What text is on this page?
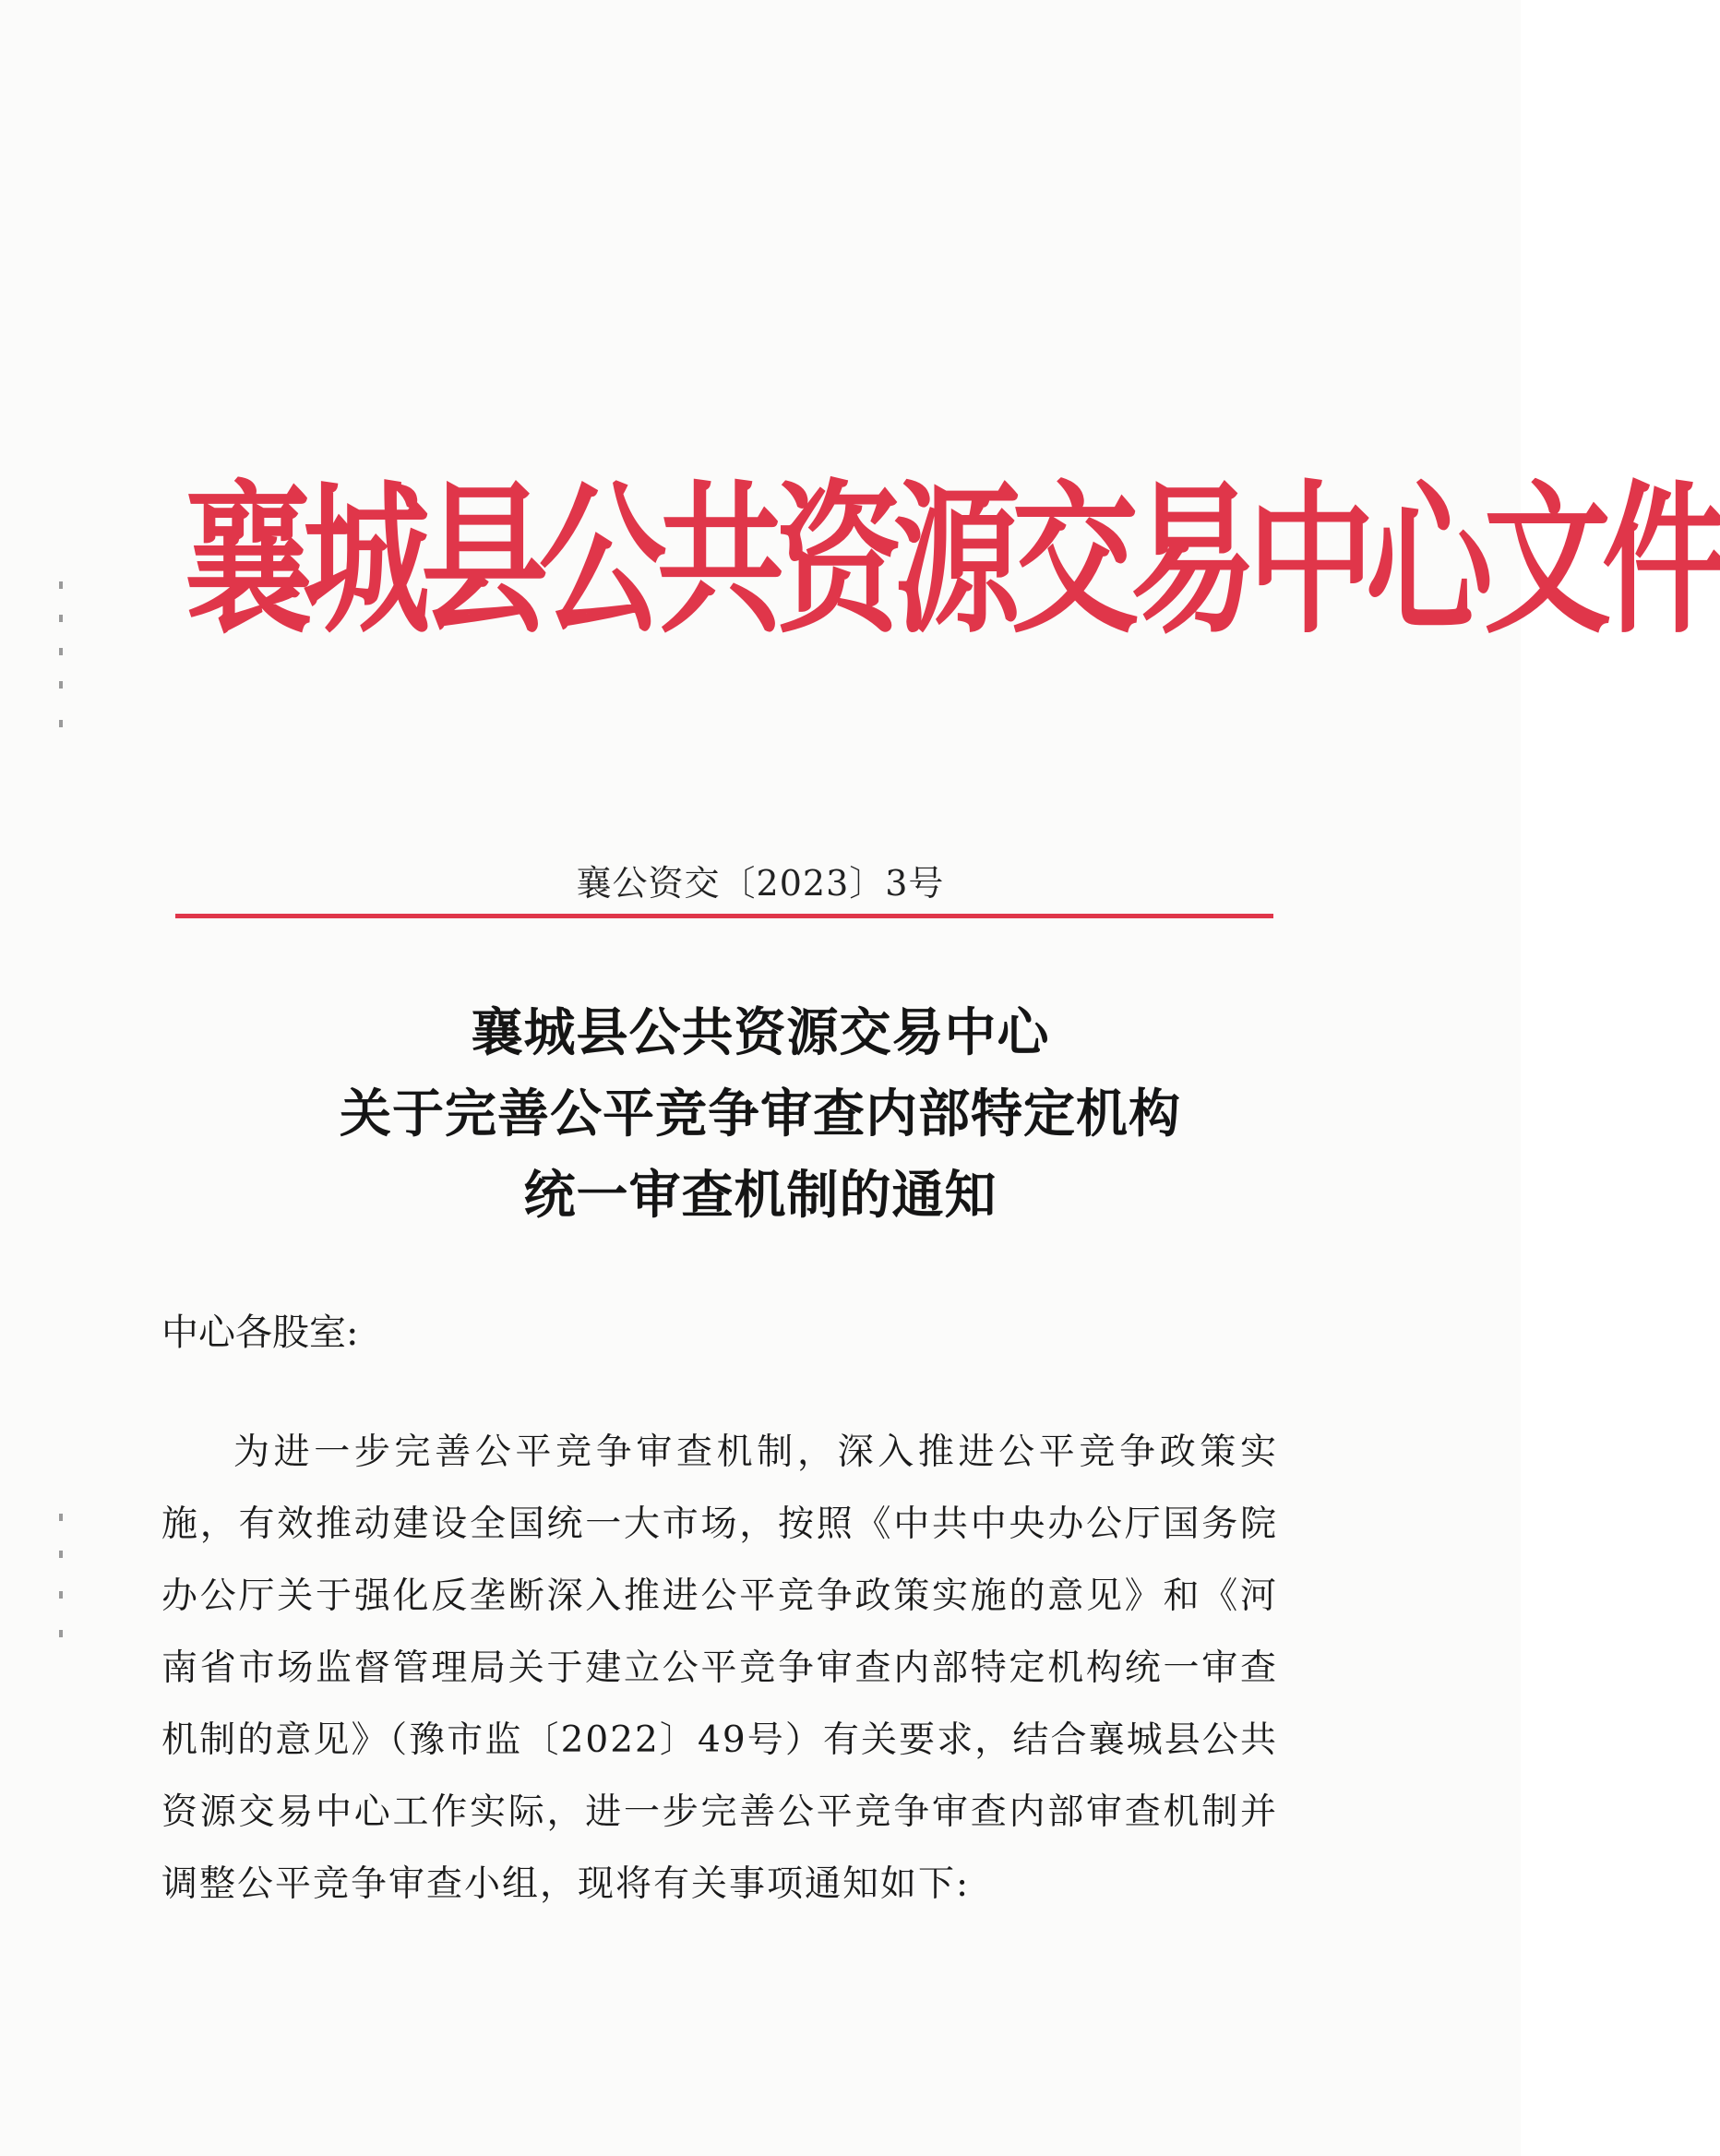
襄城县公共资源交易中心文件
襄公资交〔2023〕3号
襄城县公共资源交易中心
关于完善公平竞争审查内部特定机构
统一审查机制的通知
中心各股室:

为进一步完善公平竞争审查机制，深入推进公平竞争政策实施，有效推动建设全国统一大市场，按照《中共中央办公厅国务院办公厅关于强化反垄断深入推进公平竞争政策实施的意见》和《河南省市场监督管理局关于建立公平竞争审查内部特定机构统一审查机制的意见》（豫市监〔2022〕49号）有关要求，结合襄城县公共资源交易中心工作实际，进一步完善公平竞争审查内部审查机制并调整公平竞争审查小组，现将有关事项通知如下:
